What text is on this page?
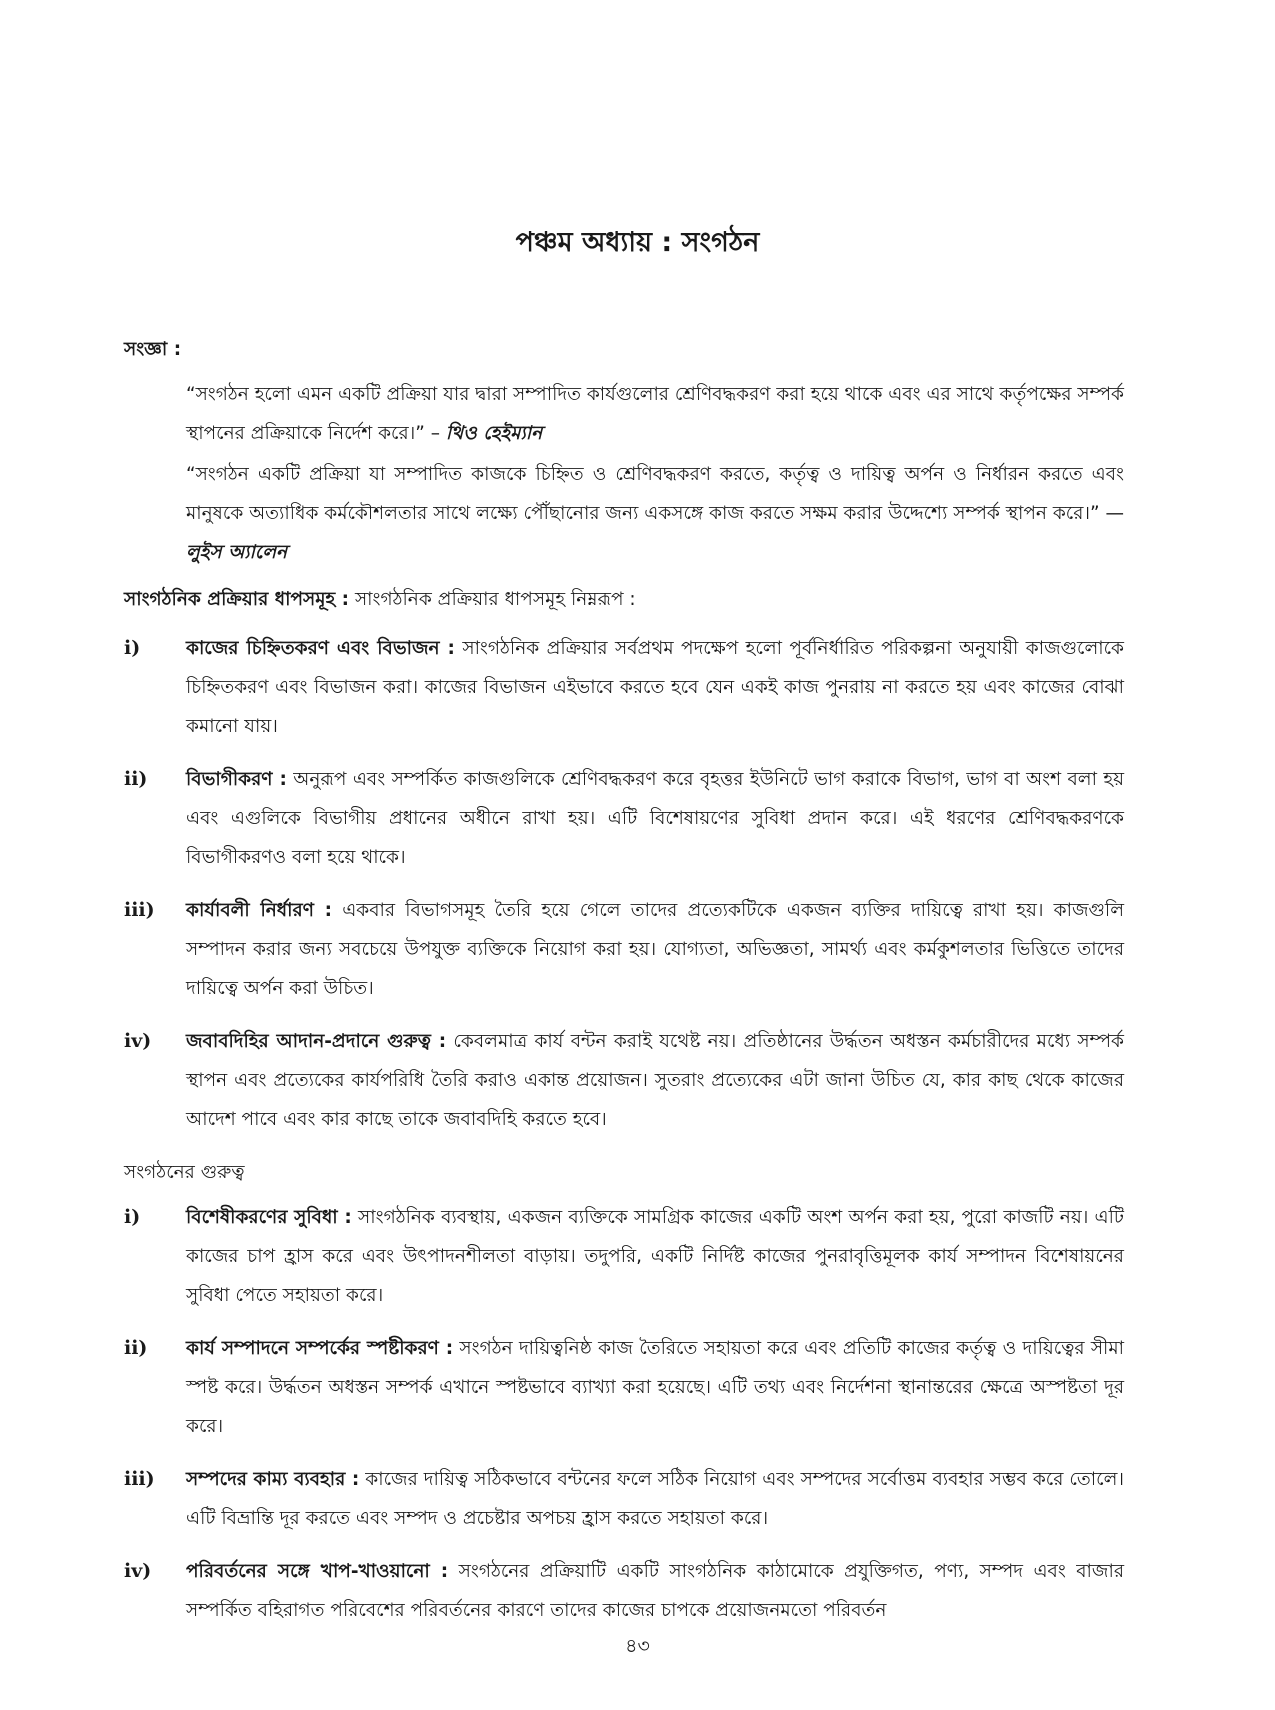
পঞ্চম অধ্যায় : সংগঠন
সংজ্ঞা :

“সংগঠন হলো এমন একটি প্রক্রিয়া যার দ্বারা সম্পাদিত কার্যগুলোর শ্রেণিবদ্ধকরণ করা হয়ে থাকে এবং এর সাথে কর্তৃপক্ষের সম্পর্ক স্থাপনের প্রক্রিয়াকে নির্দেশ করে।” – থিও হেইম্যান

“সংগঠন একটি প্রক্রিয়া যা সম্পাদিত কাজকে চিহ্নিত ও শ্রেণিবদ্ধকরণ করতে, কর্তৃত্ব ও দায়িত্ব অর্পন ও নির্ধারন করতে এবং মানুষকে অত্যাধিক কর্মকৌশলতার সাথে লক্ষ্যে পৌঁছানোর জন্য একসঙ্গে কাজ করতে সক্ষম করার উদ্দেশ্যে সম্পর্ক স্থাপন করে।” — লুইস অ্যালেন

সাংগঠনিক প্রক্রিয়ার ধাপসমূহ : সাংগঠনিক প্রক্রিয়ার ধাপসমূহ নিম্নরূপ :

i)	কাজের চিহ্নিতকরণ এবং বিভাজন : সাংগঠনিক প্রক্রিয়ার সর্বপ্রথম পদক্ষেপ হলো পূর্বনির্ধারিত পরিকল্পনা অনুযায়ী কাজগুলোকে চিহ্নিতকরণ এবং বিভাজন করা। কাজের বিভাজন এইভাবে করতে হবে যেন একই কাজ পুনরায় না করতে হয় এবং কাজের বোঝা কমানো যায়।
ii)	বিভাগীকরণ : অনুরূপ এবং সম্পর্কিত কাজগুলিকে শ্রেণিবদ্ধকরণ করে বৃহত্তর ইউনিটে ভাগ করাকে বিভাগ, ভাগ বা অংশ বলা হয় এবং এগুলিকে বিভাগীয় প্রধানের অধীনে রাখা হয়। এটি বিশেষায়ণের সুবিধা প্রদান করে। এই ধরণের শ্রেণিবদ্ধকরণকে বিভাগীকরণও বলা হয়ে থাকে।
iii)	কার্যাবলী নির্ধারণ : একবার বিভাগসমূহ তৈরি হয়ে গেলে তাদের প্রত্যেকটিকে একজন ব্যক্তির দায়িত্বে রাখা হয়। কাজগুলি সম্পাদন করার জন্য সবচেয়ে উপযুক্ত ব্যক্তিকে নিয়োগ করা হয়। যোগ্যতা, অভিজ্ঞতা, সামর্থ্য এবং কর্মকুশলতার ভিত্তিতে তাদের দায়িত্বে অর্পন করা উচিত।
iv)	জবাবদিহির আদান-প্রদানে গুরুত্ব : কেবলমাত্র কার্য বন্টন করাই যথেষ্ট নয়। প্রতিষ্ঠানের উর্দ্ধতন অধস্তন কর্মচারীদের মধ্যে সম্পর্ক স্থাপন এবং প্রত্যেকের কার্যপরিধি তৈরি করাও একান্ত প্রয়োজন। সুতরাং প্রত্যেকের এটা জানা উচিত যে, কার কাছ থেকে কাজের আদেশ পাবে এবং কার কাছে তাকে জবাবদিহি করতে হবে।
সংগঠনের গুরুত্ব
i)	বিশেষীকরণের সুবিধা : সাংগঠনিক ব্যবস্থায়, একজন ব্যক্তিকে সামগ্রিক কাজের একটি অংশ অর্পন করা হয়, পুরো কাজটি নয়। এটি কাজের চাপ হ্রাস করে এবং উৎপাদনশীলতা বাড়ায়। তদুপরি, একটি নির্দিষ্ট কাজের পুনরাবৃত্তিমূলক কার্য সম্পাদন বিশেষায়নের সুবিধা পেতে সহায়তা করে।
ii)	কার্য সম্পাদনে সম্পর্কের স্পষ্টীকরণ : সংগঠন দায়িত্বনিষ্ঠ কাজ তৈরিতে সহায়তা করে এবং প্রতিটি কাজের কর্তৃত্ব ও দায়িত্বের সীমা স্পষ্ট করে। উর্দ্ধতন অধস্তন সম্পর্ক এখানে স্পষ্টভাবে ব্যাখ্যা করা হয়েছে। এটি তথ্য এবং নির্দেশনা স্থানান্তরের ক্ষেত্রে অস্পষ্টতা দূর করে।
iii)	সম্পদের কাম্য ব্যবহার : কাজের দায়িত্ব সঠিকভাবে বন্টনের ফলে সঠিক নিয়োগ এবং সম্পদের সর্বোত্তম ব্যবহার সম্ভব করে তোলে। এটি বিভ্রান্তি দূর করতে এবং সম্পদ ও প্রচেষ্টার অপচয় হ্রাস করতে সহায়তা করে।
iv)	পরিবর্তনের সঙ্গে খাপ-খাওয়ানো : সংগঠনের প্রক্রিয়াটি একটি সাংগঠনিক কাঠামোকে প্রযুক্তিগত, পণ্য, সম্পদ এবং বাজার সম্পর্কিত বহিরাগত পরিবেশের পরিবর্তনের কারণে তাদের কাজের চাপকে প্রয়োজনমতো পরিবর্তন

৪৩
